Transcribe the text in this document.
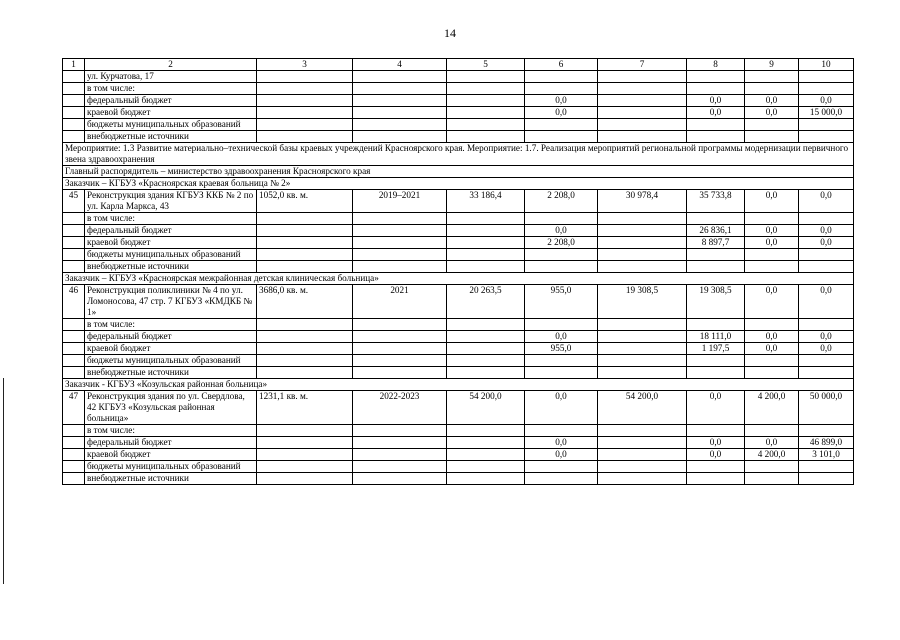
14
1	2	3	4	5	6	7	8	9	10
	ул. Курчатова, 17								
	в том числе:								
	федеральный бюджет				0,0		0,0	0,0	0,0
	краевой бюджет				0,0		0,0	0,0	15 000,0
	бюджеты муниципальных образований								
	внебюджетные источники								
Мероприятие: 1.3 Развитие материально–технической базы краевых учреждений Красноярского края. Мероприятие: 1.7. Реализация мероприятий региональной программы модернизации первичного звена здравоохранения									
Главный распорядитель – министерство здравоохранения Красноярского края									
Заказчик – КГБУЗ «Красноярская краевая больница № 2»									
45	Реконструкция здания КГБУЗ ККБ № 2 по ул. Карла Маркса, 43	1052,0 кв. м.	2019–2021	33 186,4	2 208,0	30 978,4	35 733,8	0,0	0,0
	в том числе:								
	федеральный бюджет				0,0		26 836,1	0,0	0,0
	краевой бюджет				2 208,0		8 897,7	0,0	0,0
	бюджеты муниципальных образований								
	внебюджетные источники								
Заказчик – КГБУЗ «Красноярская межрайонная детская клиническая больница»									
46	Реконструкция поликлиники № 4 по ул. Ломоносова, 47 стр. 7 КГБУЗ «КМДКБ № 1»	3686,0 кв. м.	2021	20 263,5	955,0	19 308,5	19 308,5	0,0	0,0
	в том числе:								
	федеральный бюджет				0,0		18 111,0	0,0	0,0
	краевой бюджет				955,0		1 197,5	0,0	0,0
	бюджеты муниципальных образований								
	внебюджетные источники								
Заказчик - КГБУЗ «Козульская районная больница»									
47	Реконструкция здания по ул. Свердлова, 42 КГБУЗ «Козульская районная больница»	1231,1 кв. м.	2022-2023	54 200,0	0,0	54 200,0	0,0	4 200,0	50 000,0
	в том числе:								
	федеральный бюджет				0,0		0,0	0,0	46 899,0
	краевой бюджет				0,0		0,0	4 200,0	3 101,0
	бюджеты муниципальных образований								
	внебюджетные источники								
